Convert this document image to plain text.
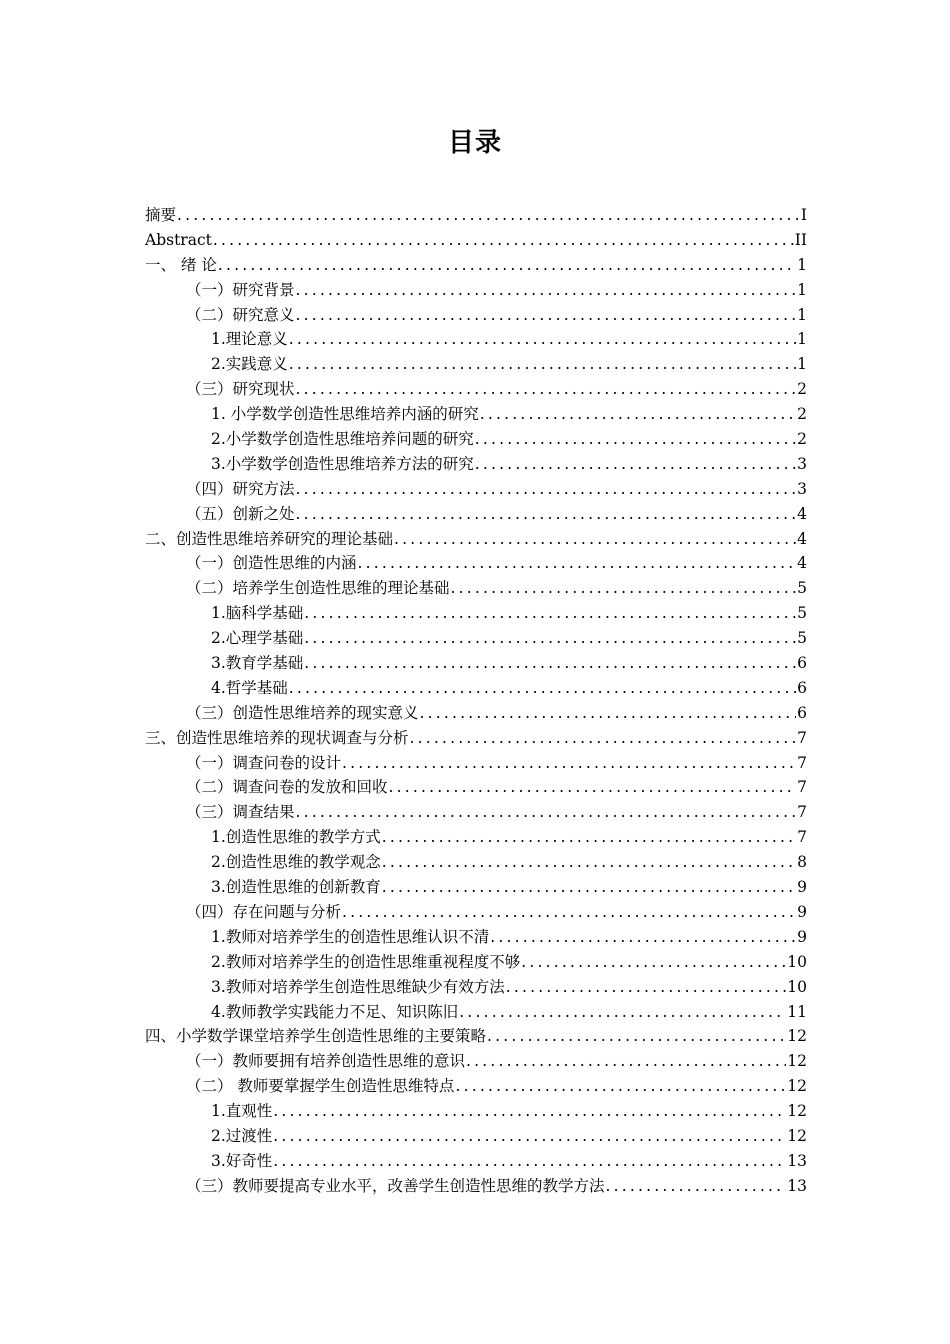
目录
摘要 .....	I
Abstract .....	II
一、 绪 论 .....	1
（一）研究背景 .....	1
（二）研究意义 .....	1
1.理论意义 .....	1
2.实践意义 .....	1
（三）研究现状 .....	2
1. 小学数学创造性思维培养内涵的研究 .....	2
2.小学数学创造性思维培养问题的研究 .....	2
3.小学数学创造性思维培养方法的研究 .....	3
（四）研究方法 .....	3
（五）创新之处 .....	4
二、创造性思维培养研究的理论基础 .....	4
（一）创造性思维的内涵 .....	4
（二）培养学生创造性思维的理论基础 .....	5
1.脑科学基础 .....	5
2.心理学基础 .....	5
3.教育学基础 .....	6
4.哲学基础 .....	6
（三）创造性思维培养的现实意义 .....	6
三、创造性思维培养的现状调查与分析 .....	7
（一）调查问卷的设计 .....	7
（二）调查问卷的发放和回收 .....	7
（三）调查结果 .....	7
1.创造性思维的教学方式 .....	7
2.创造性思维的教学观念 .....	8
3.创造性思维的创新教育 .....	9
（四）存在问题与分析 .....	9
1.教师对培养学生的创造性思维认识不清 .....	9
2.教师对培养学生的创造性思维重视程度不够 .....	10
3.教师对培养学生创造性思维缺少有效方法 .....	10
4.教师教学实践能力不足、知识陈旧 .....	11
四、小学数学课堂培养学生创造性思维的主要策略 .....	12
（一）教师要拥有培养创造性思维的意识 .....	12
（二） 教师要掌握学生创造性思维特点 .....	12
1.直观性 .....	12
2.过渡性 .....	12
3.好奇性 .....	13
（三）教师要提高专业水平，改善学生创造性思维的教学方法 .....	13
